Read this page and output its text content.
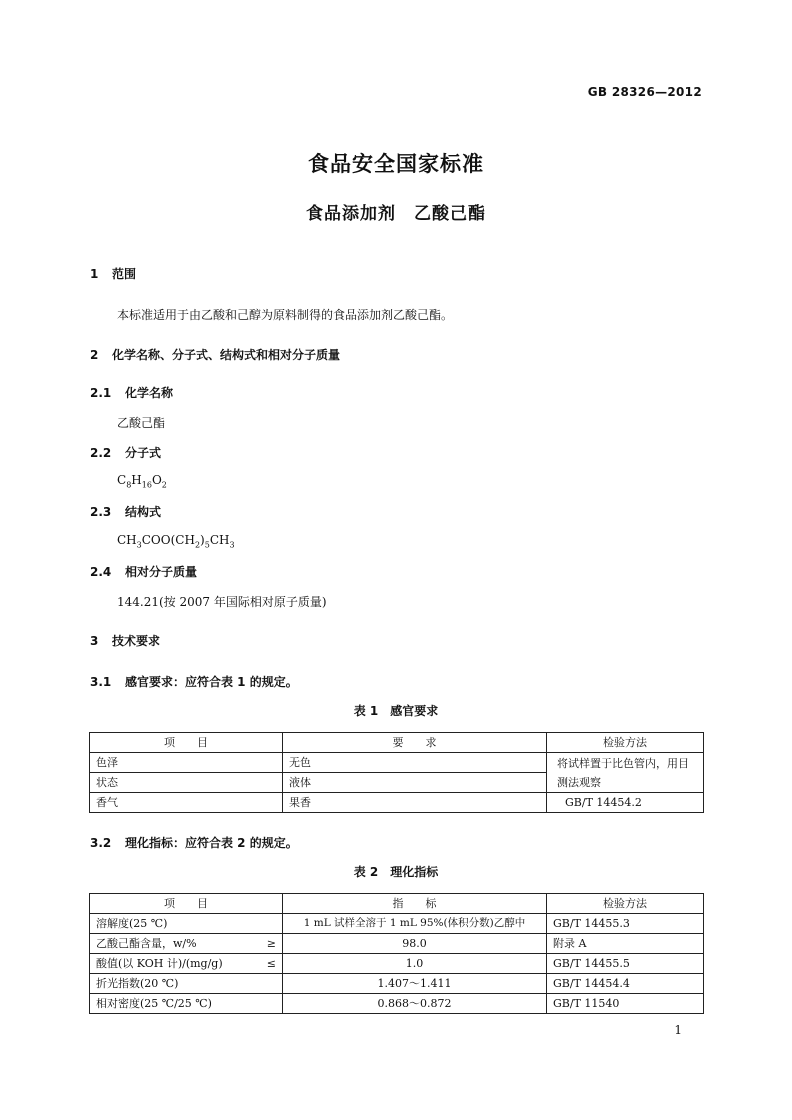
GB 28326—2012
食品安全国家标准
食品添加剂　乙酸己酯
1 范围
本标准适用于由乙酸和己醇为原料制得的食品添加剂乙酸己酯。
2 化学名称、分子式、结构式和相对分子质量
2.1 化学名称
乙酸己酯
2.2 分子式
$C_8H_{16}O_2$
2.3 结构式
$CH_3COO(CH_2)_5CH_3$
2.4 相对分子质量
144.21(按 2007 年国际相对原子质量)
3 技术要求
3.1 感官要求：应符合表 1 的规定。
表 1　感官要求
项　　目	要　　求	检验方法
色泽	无色	将试样置于比色管内，用目测法观察
状态	液体	
香气	果香	GB/T 14454.2
3.2 理化指标：应符合表 2 的规定。
表 2　理化指标
项　　目	指　　标	检验方法
溶解度(25 ℃)	1 mL 试样全溶于 1 mL 95%(体积分数)乙醇中	GB/T 14455.3
乙酸己酯含量，w/% ≥	98.0	附录 A
酸值(以 KOH 计)/(mg/g) ≤	1.0	GB/T 14455.5
折光指数(20 ℃)	1.407～1.411	GB/T 14454.4
相对密度(25 ℃/25 ℃)	0.868～0.872	GB/T 11540
1
